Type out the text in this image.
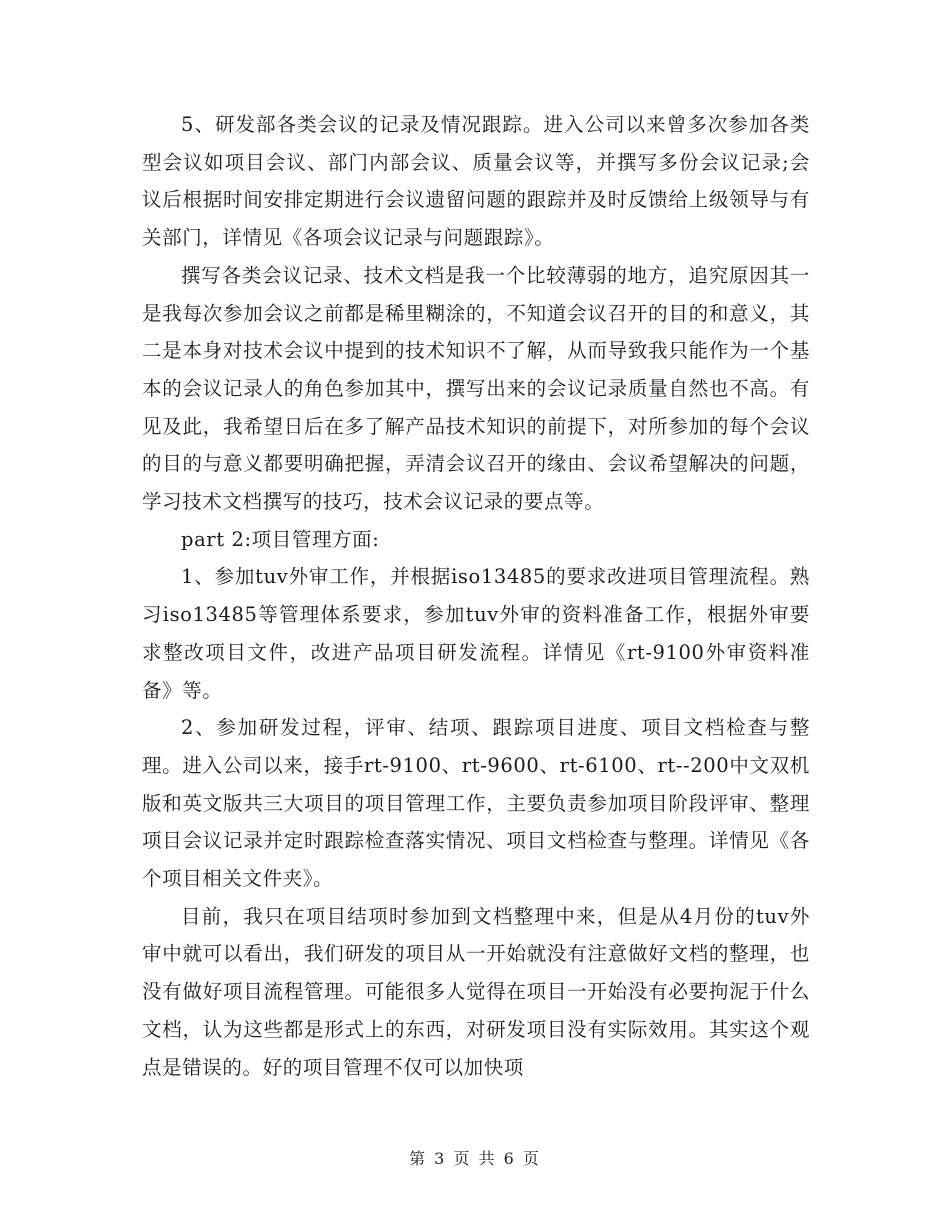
5、研发部各类会议的记录及情况跟踪。进入公司以来曾多次参加各类型会议如项目会议、部门内部会议、质量会议等，并撰写多份会议记录;会议后根据时间安排定期进行会议遗留问题的跟踪并及时反馈给上级领导与有关部门，详情见《各项会议记录与问题跟踪》。

撰写各类会议记录、技术文档是我一个比较薄弱的地方，追究原因其一是我每次参加会议之前都是稀里糊涂的，不知道会议召开的目的和意义，其二是本身对技术会议中提到的技术知识不了解，从而导致我只能作为一个基本的会议记录人的角色参加其中，撰写出来的会议记录质量自然也不高。有见及此，我希望日后在多了解产品技术知识的前提下，对所参加的每个会议的目的与意义都要明确把握，弄清会议召开的缘由、会议希望解决的问题，学习技术文档撰写的技巧，技术会议记录的要点等。

part 2:项目管理方面:

1、参加tuv外审工作，并根据iso13485的要求改进项目管理流程。熟习iso13485等管理体系要求，参加tuv外审的资料准备工作，根据外审要求整改项目文件，改进产品项目研发流程。详情见《rt-9100外审资料准备》等。

2、参加研发过程，评审、结项、跟踪项目进度、项目文档检查与整理。进入公司以来，接手rt-9100、rt-9600、rt-6100、rt--200中文双机版和英文版共三大项目的项目管理工作，主要负责参加项目阶段评审、整理项目会议记录并定时跟踪检查落实情况、项目文档检查与整理。详情见《各个项目相关文件夹》。

目前，我只在项目结项时参加到文档整理中来，但是从4月份的tuv外审中就可以看出，我们研发的项目从一开始就没有注意做好文档的整理，也没有做好项目流程管理。可能很多人觉得在项目一开始没有必要拘泥于什么文档，认为这些都是形式上的东西，对研发项目没有实际效用。其实这个观点是错误的。好的项目管理不仅可以加快项

第 3 页 共 6 页
